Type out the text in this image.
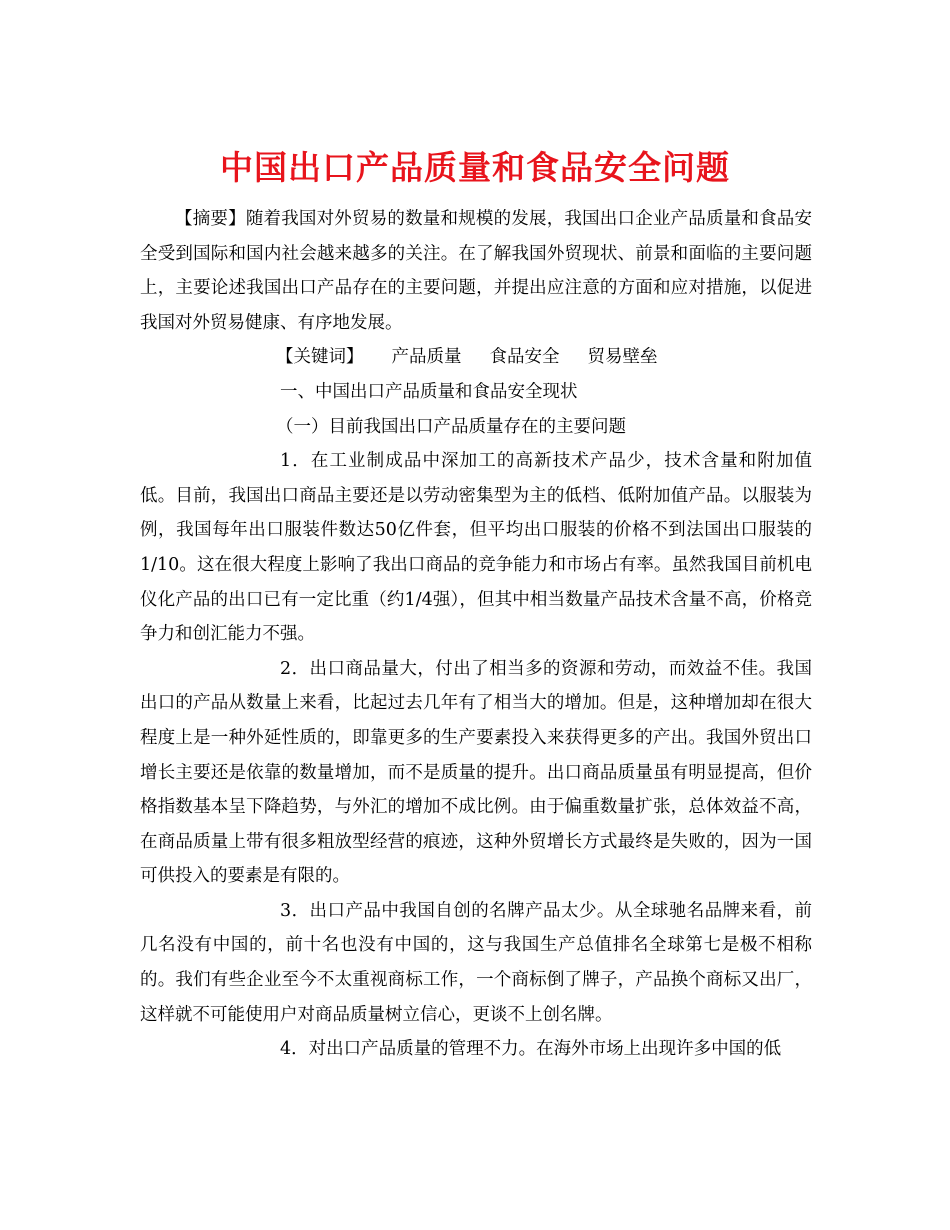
中国出口产品质量和食品安全问题

【摘要】随着我国对外贸易的数量和规模的发展，我国出口企业产品质量和食品安全受到国际和国内社会越来越多的关注。在了解我国外贸现状、前景和面临的主要问题上，主要论述我国出口产品存在的主要问题，并提出应注意的方面和应对措施，以促进我国对外贸易健康、有序地发展。

【关键词】 产品质量 食品安全 贸易壁垒

一、中国出口产品质量和食品安全现状

（一）目前我国出口产品质量存在的主要问题

1．在工业制成品中深加工的高新技术产品少，技术含量和附加值低。目前，我国出口商品主要还是以劳动密集型为主的低档、低附加值产品。以服装为例，我国每年出口服装件数达50亿件套，但平均出口服装的价格不到法国出口服装的1/10。这在很大程度上影响了我出口商品的竞争能力和市场占有率。虽然我国目前机电仪化产品的出口已有一定比重（约1/4强），但其中相当数量产品技术含量不高，价格竞争力和创汇能力不强。

2．出口商品量大，付出了相当多的资源和劳动，而效益不佳。我国出口的产品从数量上来看，比起过去几年有了相当大的增加。但是，这种增加却在很大程度上是一种外延性质的，即靠更多的生产要素投入来获得更多的产出。我国外贸出口增长主要还是依靠的数量增加，而不是质量的提升。出口商品质量虽有明显提高，但价格指数基本呈下降趋势，与外汇的增加不成比例。由于偏重数量扩张，总体效益不高，在商品质量上带有很多粗放型经营的痕迹，这种外贸增长方式最终是失败的，因为一国可供投入的要素是有限的。

3．出口产品中我国自创的名牌产品太少。从全球驰名品牌来看，前几名没有中国的，前十名也没有中国的，这与我国生产总值排名全球第七是极不相称的。我们有些企业至今不太重视商标工作，一个商标倒了牌子，产品换个商标又出厂，这样就不可能使用户对商品质量树立信心，更谈不上创名牌。

4．对出口产品质量的管理不力。在海外市场上出现许多中国的低
